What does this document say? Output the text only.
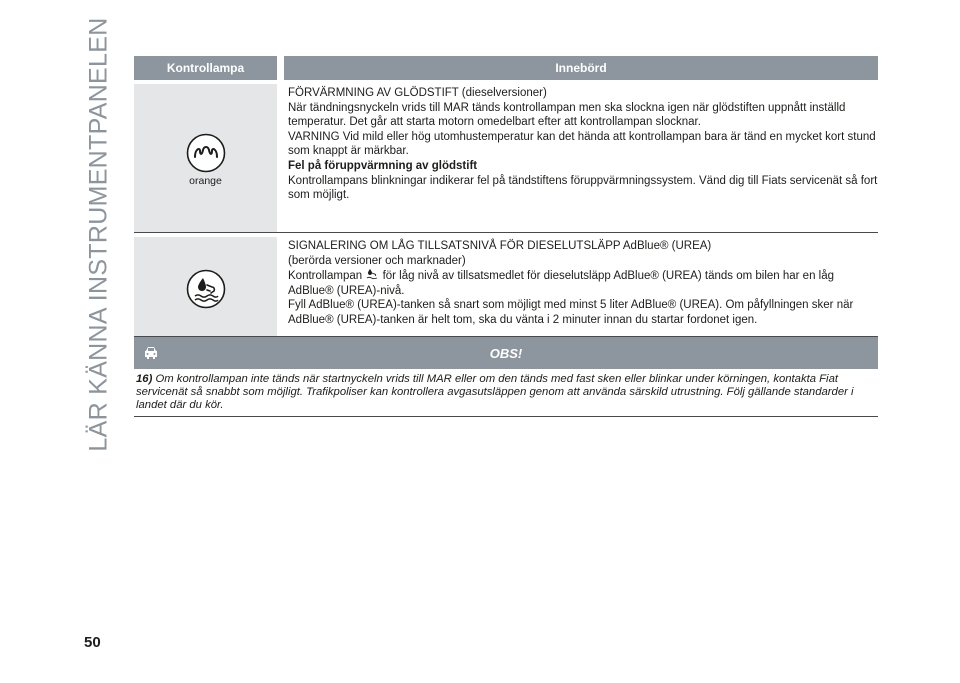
LÄR KÄNNA INSTRUMENTPANELEN	Kontrollampa	Innebörd
orange

FÖRVÄRMNING AV GLÖDSTIFT (dieselversioner)

När tändningsnyckeln vrids till MAR tänds kontrollampan men ska slockna igen när glödstiften uppnått inställd temperatur. Det går att starta motorn omedelbart efter att kontrollampan slocknar.

VARNING Vid mild eller hög utomhustemperatur kan det hända att kontrollampan bara är tänd en mycket kort stund som knappt är märkbar.

Fel på föruppvärmning av glödstift

Kontrollampans blinkningar indikerar fel på tändstiftens föruppvärmningssystem. Vänd dig till Fiats servicenät så fort som möjligt.

SIGNALERING OM LÅG TILLSATSNIVÅ FÖR DIESELUTSLÄPP AdBlue® (UREA)

(berörda versioner och marknader)

Kontrollampan för låg nivå av tillsatsmedlet för dieselutsläpp AdBlue® (UREA) tänds om bilen har en låg AdBlue® (UREA)-nivå.

Fyll AdBlue® (UREA)-tanken så snart som möjligt med minst 5 liter AdBlue® (UREA). Om påfyllningen sker när AdBlue® (UREA)-tanken är helt tom, ska du vänta i 2 minuter innan du startar fordonet igen.

OBS!
16) Om kontrollampan inte tänds när startnyckeln vrids till MAR eller om den tänds med fast sken eller blinkar under körningen, kontakta Fiat servicenät så snabbt som möjligt. Trafikpoliser kan kontrollera avgasutsläppen genom att använda särskild utrustning. Följ gällande standarder i landet där du kör.
50
